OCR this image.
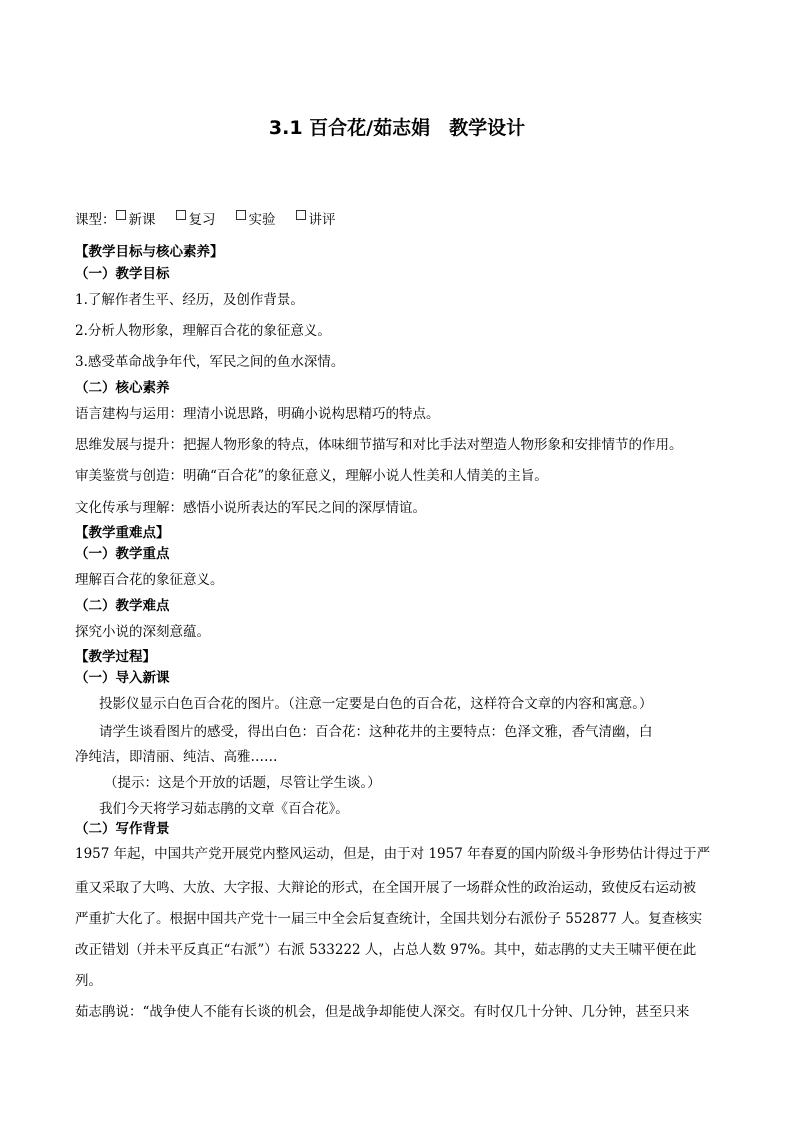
3.1 百合花/茹志娟　教学设计
课型： 新课 复习 实验 讲评
【教学目标与核心素养】
（一）教学目标
1.了解作者生平、经历，及创作背景。
2.分析人物形象，理解百合花的象征意义。
3.感受革命战争年代，军民之间的鱼水深情。
（二）核心素养
语言建构与运用：理清小说思路，明确小说构思精巧的特点。
思维发展与提升：把握人物形象的特点，体味细节描写和对比手法对塑造人物形象和安排情节的作用。
审美鉴赏与创造：明确“百合花”的象征意义，理解小说人性美和人情美的主旨。
文化传承与理解：感悟小说所表达的军民之间的深厚情谊。
【教学重难点】
（一）教学重点
理解百合花的象征意义。
（二）教学难点
探究小说的深刻意蕴。
【教学过程】
（一）导入新课
投影仪显示白色百合花的图片。（注意一定要是白色的百合花，这样符合文章的内容和寓意。）
请学生谈看图片的感受，得出白色：百合花：这种花井的主要特点：色泽文雅，香气清幽，白
净纯洁，即清丽、纯洁、高雅……
（提示：这是个开放的话题，尽管让学生谈。）
我们今天将学习茹志鹃的文章《百合花》。
（二）写作背景
1957 年起，中国共产党开展党内整风运动，但是，由于对 1957 年春夏的国内阶级斗争形势估计得过于严
重又采取了大鸣、大放、大字报、大辩论的形式，在全国开展了一场群众性的政治运动，致使反右运动被
严重扩大化了。根据中国共产党十一届三中全会后复查统计，全国共划分右派份子 552877 人。复查核实
改正错划（并未平反真正“右派”）右派 533222 人，占总人数 97%。其中，茹志鹃的丈夫王啸平便在此
列。
茹志鹃说：“战争使人不能有长谈的机会，但是战争却能使人深交。有时仅几十分钟、几分钟，甚至只来
